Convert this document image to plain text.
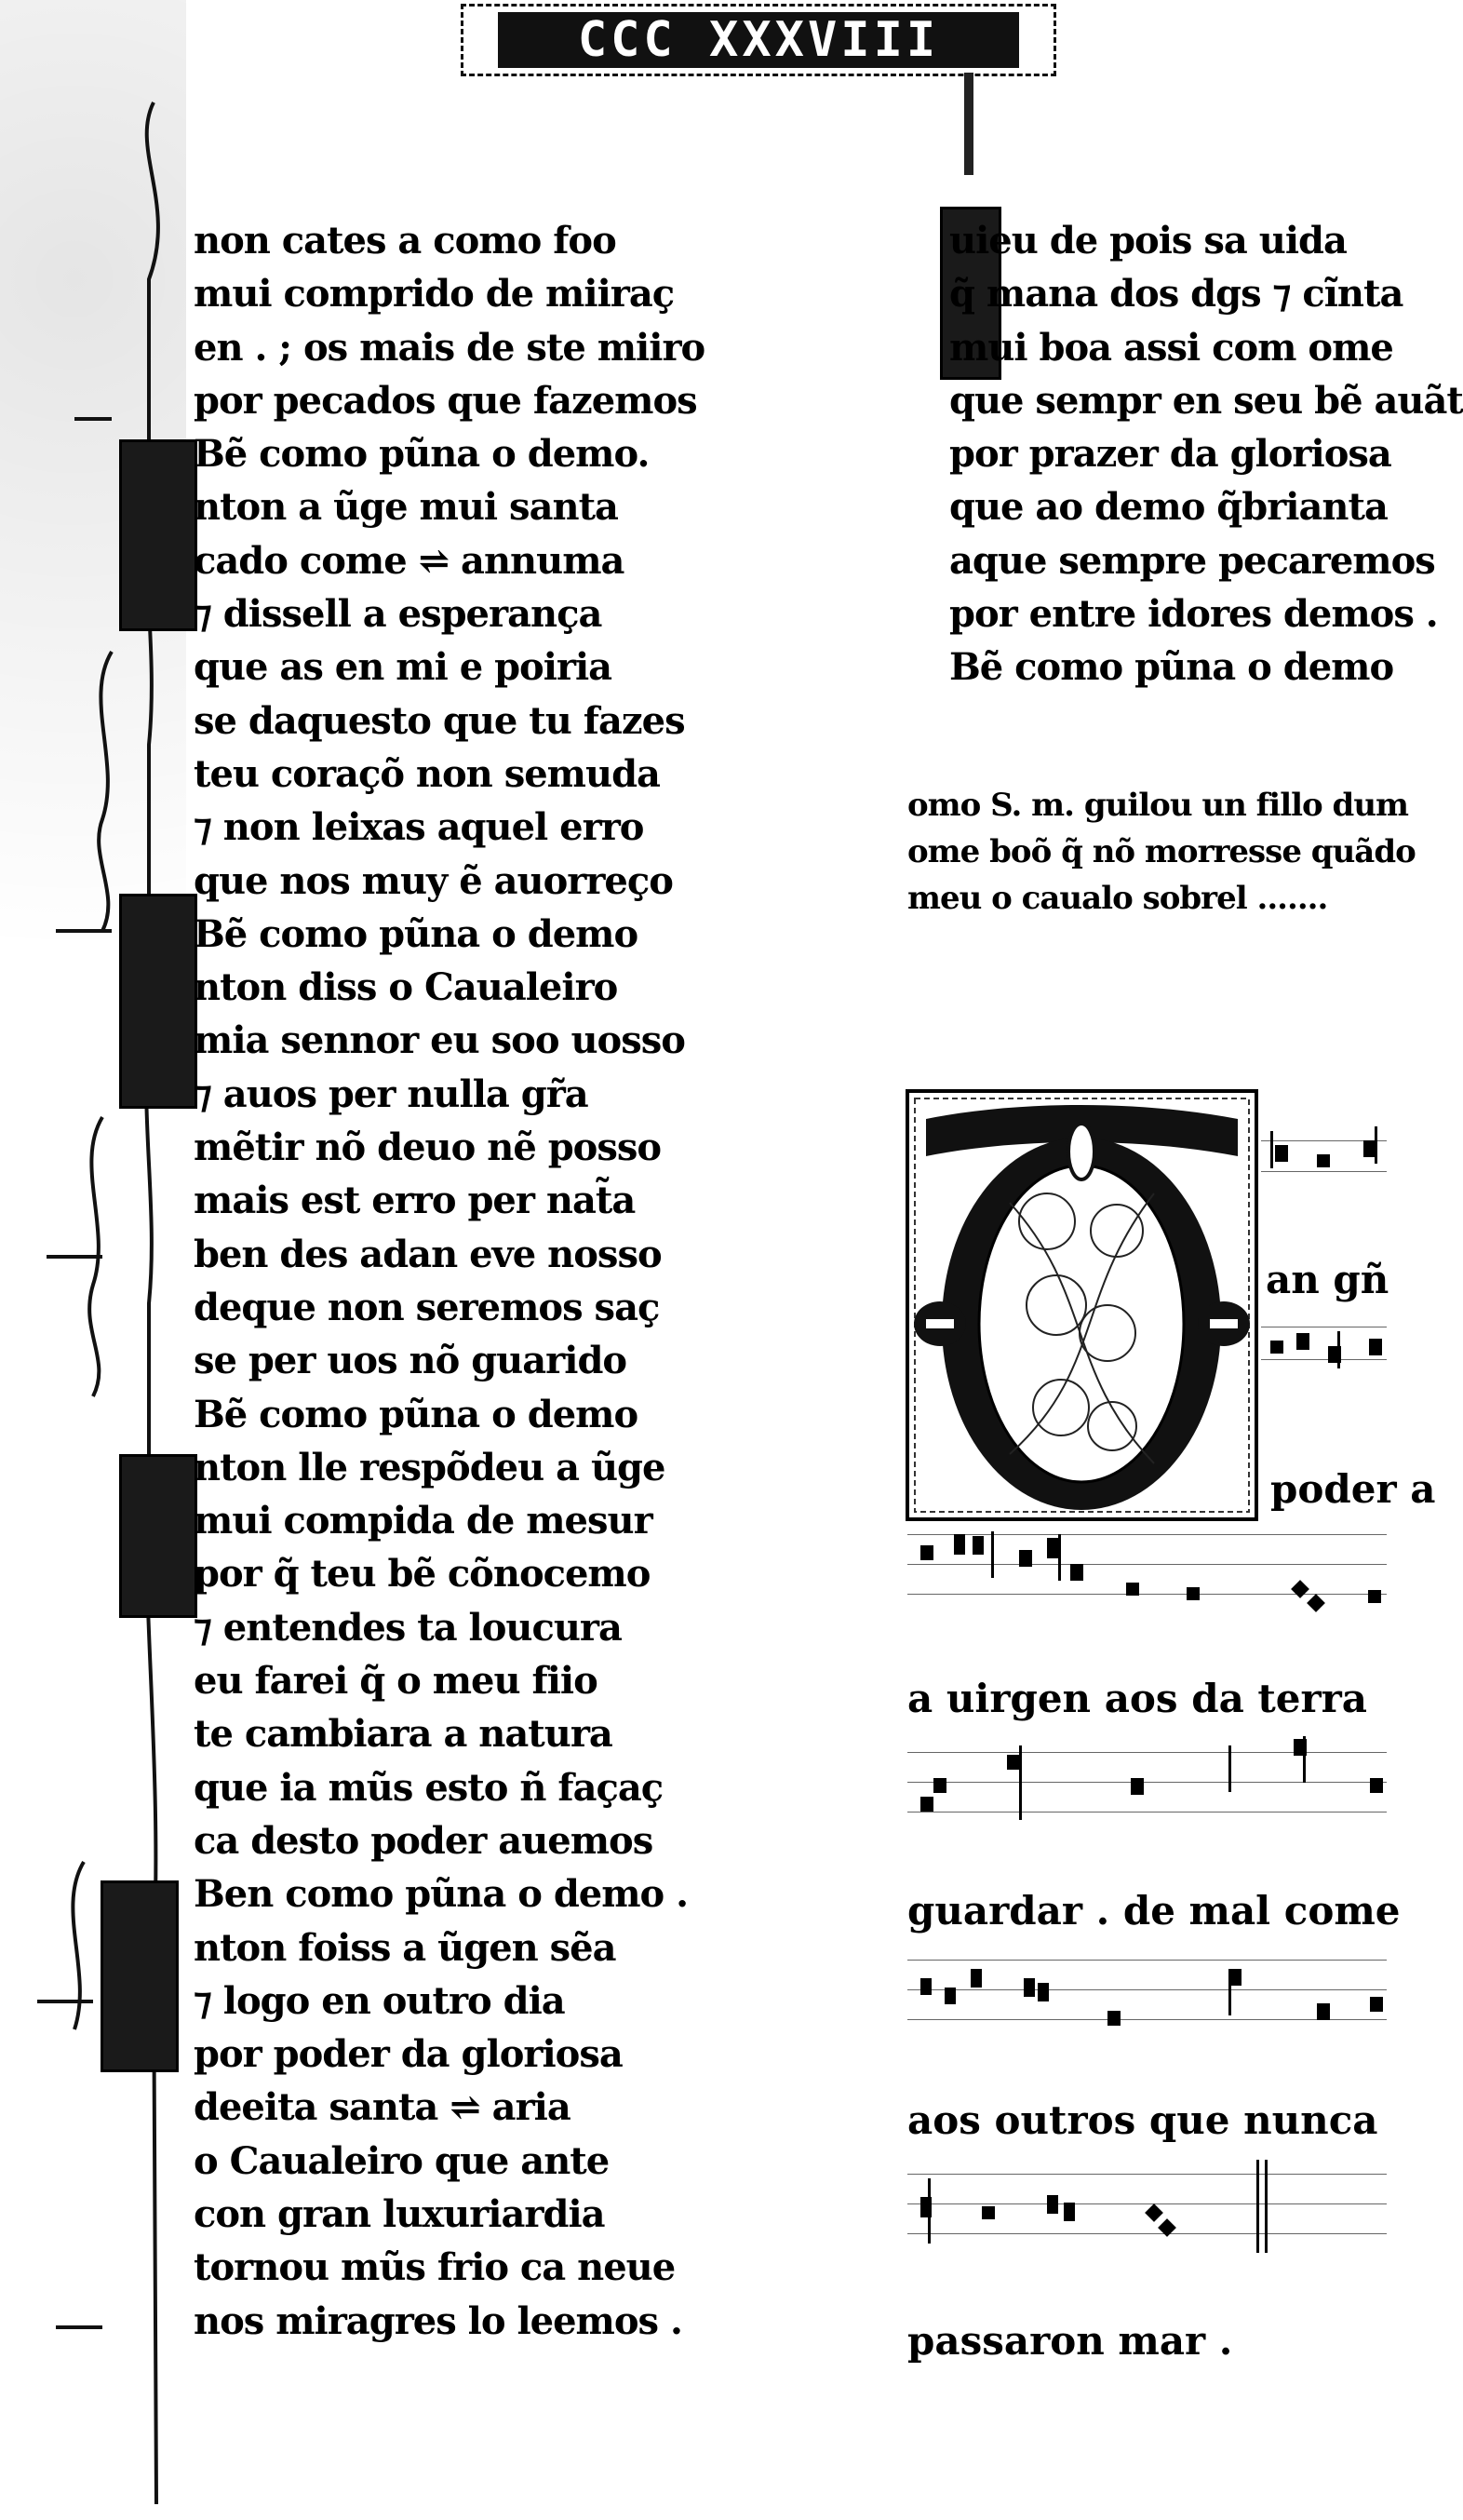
CCC XXXVIII
non cates a como foo
mui comprido de miiraç
en . ; os mais de ste miiro
por pecados que fazemos
Bẽ como pũna o demo.
nton a ũge mui santa
cado come ⇌ annuma
⁊ dissell a esperança
que as en mi e poiria
se daquesto que tu fazes
teu coraçõ non semuda
⁊ non leixas aquel erro
que nos muy ẽ auorreço
Bẽ como pũna o demo
nton diss o Caualeiro
mia sennor eu soo uosso
⁊ auos per nulla gr̃a
mẽtir nõ deuo nẽ posso
mais est erro per nat̃a
ben des adan eve nosso
deque non seremos saç
se per uos nõ guarido
Bẽ como pũna o demo
nton lle respõdeu a ũge
mui compida de mesur
por q̃ teu bẽ cõnocemo
⁊ entendes ta loucura
eu farei q̃ o meu fiio
te cambiara a natura
que ia mũs esto ñ façaç
ca desto poder auemos
Ben como pũna o demo .
nton foiss a ũgen sẽa
⁊ logo en outro dia
por poder da gloriosa
deeita santa ⇌ aria
o Caualeiro que ante
con gran luxuriardia
tornou mũs frio ca neue
nos miragres lo leemos .
uieu de pois sa uida
q̃ mana dos dgs ⁊ cĩnta
mui boa assi com ome
que sempr en seu bẽ auãt
por prazer da gloriosa
que ao demo q̃brianta
aque sempre pecaremos
por entre idores demos .
Bẽ como pũna o demo
omo S. m. guilou un fillo dum
ome boõ q̃ nõ morresse quãdo
meu o caualo sobrel .......
an gñ
poder a
a uirgen aos da terra
guardar . de mal come
aos outros que nunca
passaron mar .
